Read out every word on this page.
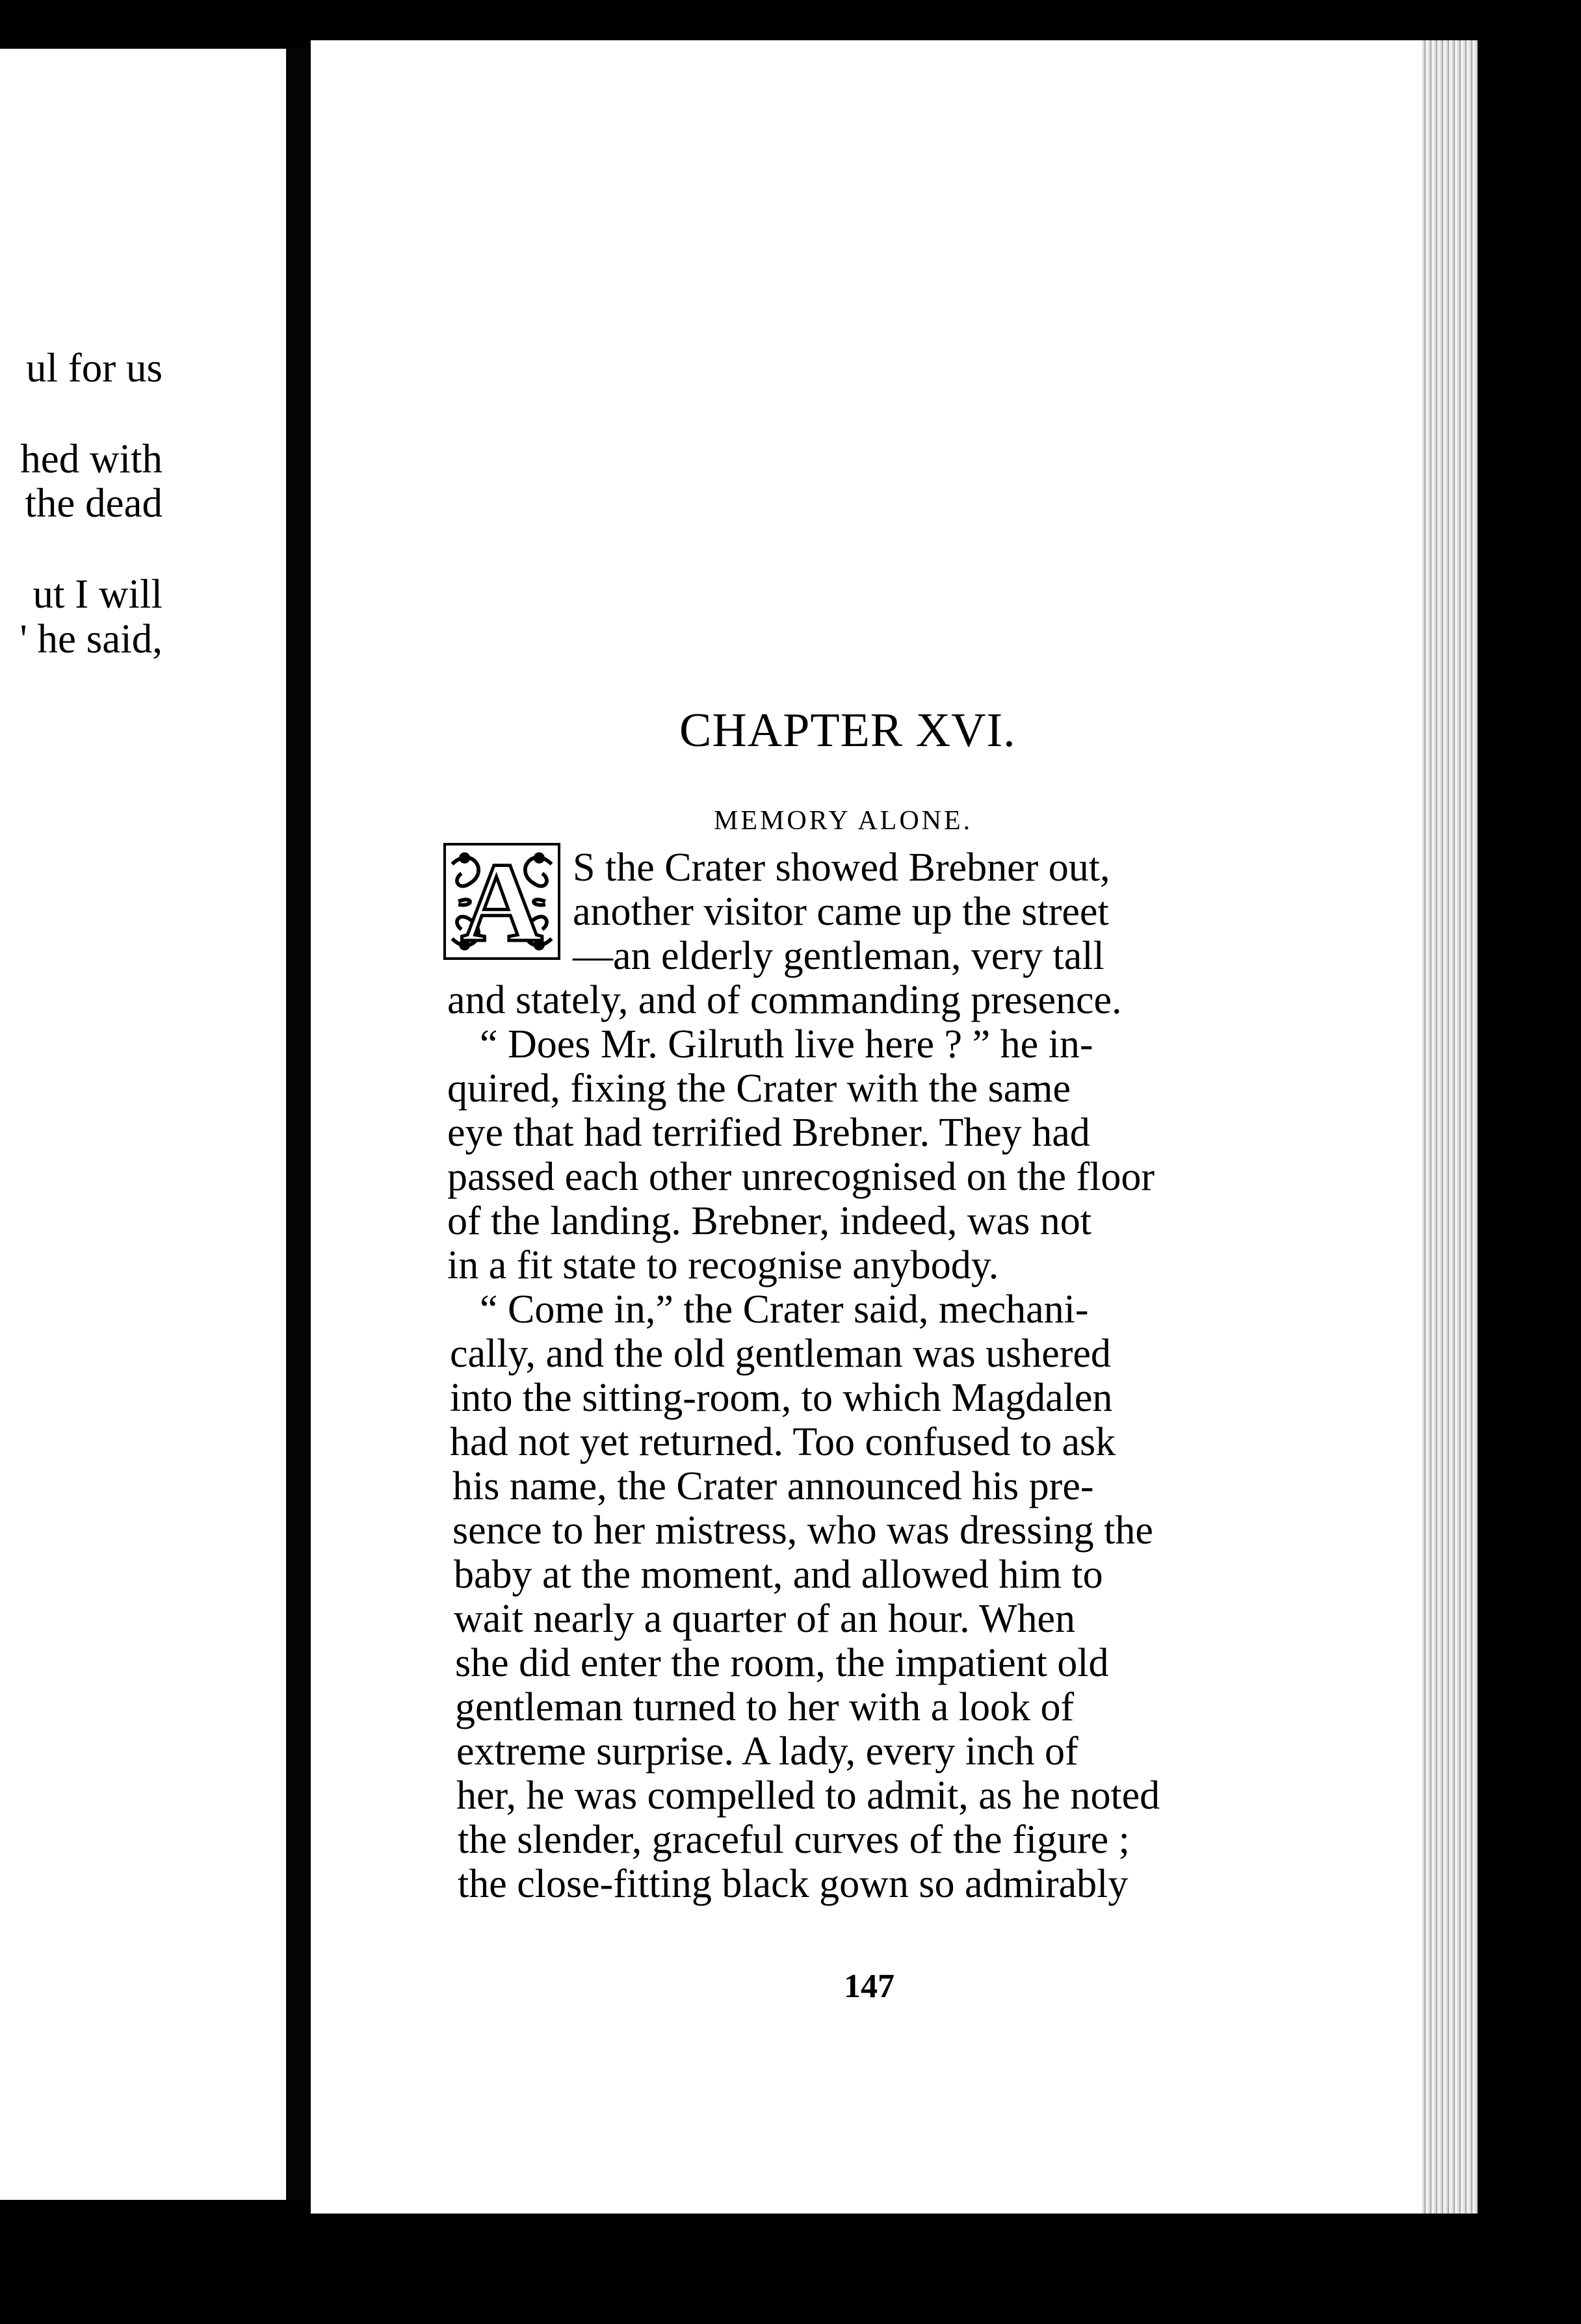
ul for us
hed with
the dead
ut I will
' he said,
CHAPTER XVI.
MEMORY ALONE.
A S the Crater showed Brebner out,
another visitor came up the street
—an elderly gentleman, very tall
and stately, and of commanding presence.
“ Does Mr. Gilruth live here ? ” he in-
quired, fixing the Crater with the same
eye that had terrified Brebner. They had
passed each other unrecognised on the floor
of the landing. Brebner, indeed, was not
in a fit state to recognise anybody.
“ Come in,” the Crater said, mechani-
cally, and the old gentleman was ushered
into the sitting-room, to which Magdalen
had not yet returned. Too confused to ask
his name, the Crater announced his pre-
sence to her mistress, who was dressing the
baby at the moment, and allowed him to
wait nearly a quarter of an hour. When
she did enter the room, the impatient old
gentleman turned to her with a look of
extreme surprise. A lady, every inch of
her, he was compelled to admit, as he noted
the slender, graceful curves of the figure ;
the close-fitting black gown so admirably
147
